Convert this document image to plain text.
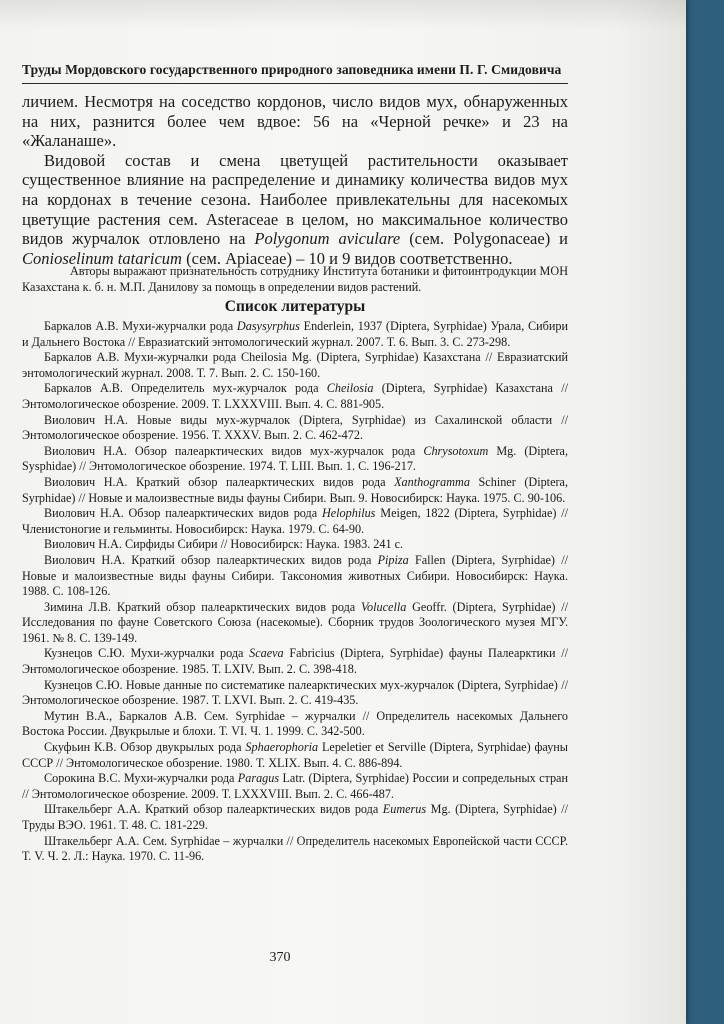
Труды Мордовского государственного природного заповедника имени П. Г. Смидовича

личием. Несмотря на соседство кордонов, число видов мух, обнаруженных на них, разнится более чем вдвое: 56 на «Черной речке» и 23 на «Жаланаше».

Видовой состав и смена цветущей растительности оказывает существенное влияние на распределение и динамику количества видов мух на кордонах в течение сезона. Наиболее привлекательны для насекомых цветущие растения сем. Asteraceae в целом, но максимальное количество видов журчалок отловлено на Polygonum aviculare (сем. Polygonaceae) и Conioselinum tataricum (сем. Apiaceae) – 10 и 9 видов соответственно.

Авторы выражают признательность сотруднику Института ботаники и фитоинтродукции МОН Казахстана к. б. н. М.П. Данилову за помощь в определении видов растений.

Список литературы

Баркалов А.В. Мухи-журчалки рода Dasysyrphus Enderlein, 1937 (Diptera, Syrphidae) Урала, Сибири и Дальнего Востока // Евразиатский энтомологический журнал. 2007. Т. 6. Вып. 3. С. 273-298.

Баркалов А.В. Мухи-журчалки рода Cheilosia Mg. (Diptera, Syrphidae) Казахстана // Евразиатский энтомологический журнал. 2008. Т. 7. Вып. 2. С. 150-160.

Баркалов А.В. Определитель мух-журчалок рода Cheilosia (Diptera, Syrphidae) Казахстана // Энтомологическое обозрение. 2009. Т. LXXXVIII. Вып. 4. С. 881-905.

Виолович Н.А. Новые виды мух-журчалок (Diptera, Syrphidae) из Сахалинской области // Энтомологическое обозрение. 1956. Т. XXXV. Вып. 2. С. 462-472.

Виолович Н.А. Обзор палеарктических видов мух-журчалок рода Chrysotoxum Mg. (Diptera, Sysphidae) // Энтомологическое обозрение. 1974. Т. LIII. Вып. 1. С. 196-217.

Виолович Н.А. Краткий обзор палеарктических видов рода Xanthogramma Schiner (Diptera, Syrphidae) // Новые и малоизвестные виды фауны Сибири. Вып. 9. Новосибирск: Наука. 1975. С. 90-106.

Виолович Н.А. Обзор палеарктических видов рода Helophilus Meigen, 1822 (Diptera, Syrphidae) // Членистоногие и гельминты. Новосибирск: Наука. 1979. С. 64-90.

Виолович Н.А. Сирфиды Сибири // Новосибирск: Наука. 1983. 241 с.

Виолович Н.А. Краткий обзор палеарктических видов рода Pipiza Fallen (Diptera, Syrphidae) // Новые и малоизвестные виды фауны Сибири. Таксономия животных Сибири. Новосибирск: Наука. 1988. С. 108-126.

Зимина Л.В. Краткий обзор палеарктических видов рода Volucella Geoffr. (Diptera, Syrphidae) // Исследования по фауне Советского Союза (насекомые). Сборник трудов Зоологического музея МГУ. 1961. № 8. С. 139-149.

Кузнецов С.Ю. Мухи-журчалки рода Scaeva Fabricius (Diptera, Syrphidae) фауны Палеарктики // Энтомологическое обозрение. 1985. Т. LXIV. Вып. 2. С. 398-418.

Кузнецов С.Ю. Новые данные по систематике палеарктических мух-журчалок (Diptera, Syrphidae) // Энтомологическое обозрение. 1987. Т. LXVI. Вып. 2. С. 419-435.

Мутин В.А., Баркалов А.В. Сем. Syrphidae – журчалки // Определитель насекомых Дальнего Востока России. Двукрылые и блохи. Т. VI. Ч. 1. 1999. С. 342-500.

Скуфьин К.В. Обзор двукрылых рода Sphaerophoria Lepeletier et Serville (Diptera, Syrphidae) фауны СССР // Энтомологическое обозрение. 1980. Т. XLIX. Вып. 4. С. 886-894.

Сорокина В.С. Мухи-журчалки рода Paragus Latr. (Diptera, Syrphidae) России и сопредельных стран // Энтомологическое обозрение. 2009. Т. LXXXVIII. Вып. 2. С. 466-487.

Штакельберг А.А. Краткий обзор палеарктических видов рода Eumerus Mg. (Diptera, Syrphidae) // Труды ВЭО. 1961. Т. 48. С. 181-229.

Штакельберг А.А. Сем. Syrphidae – журчалки // Определитель насекомых Европейской части СССР. Т. V. Ч. 2. Л.: Наука. 1970. С. 11-96.

370
